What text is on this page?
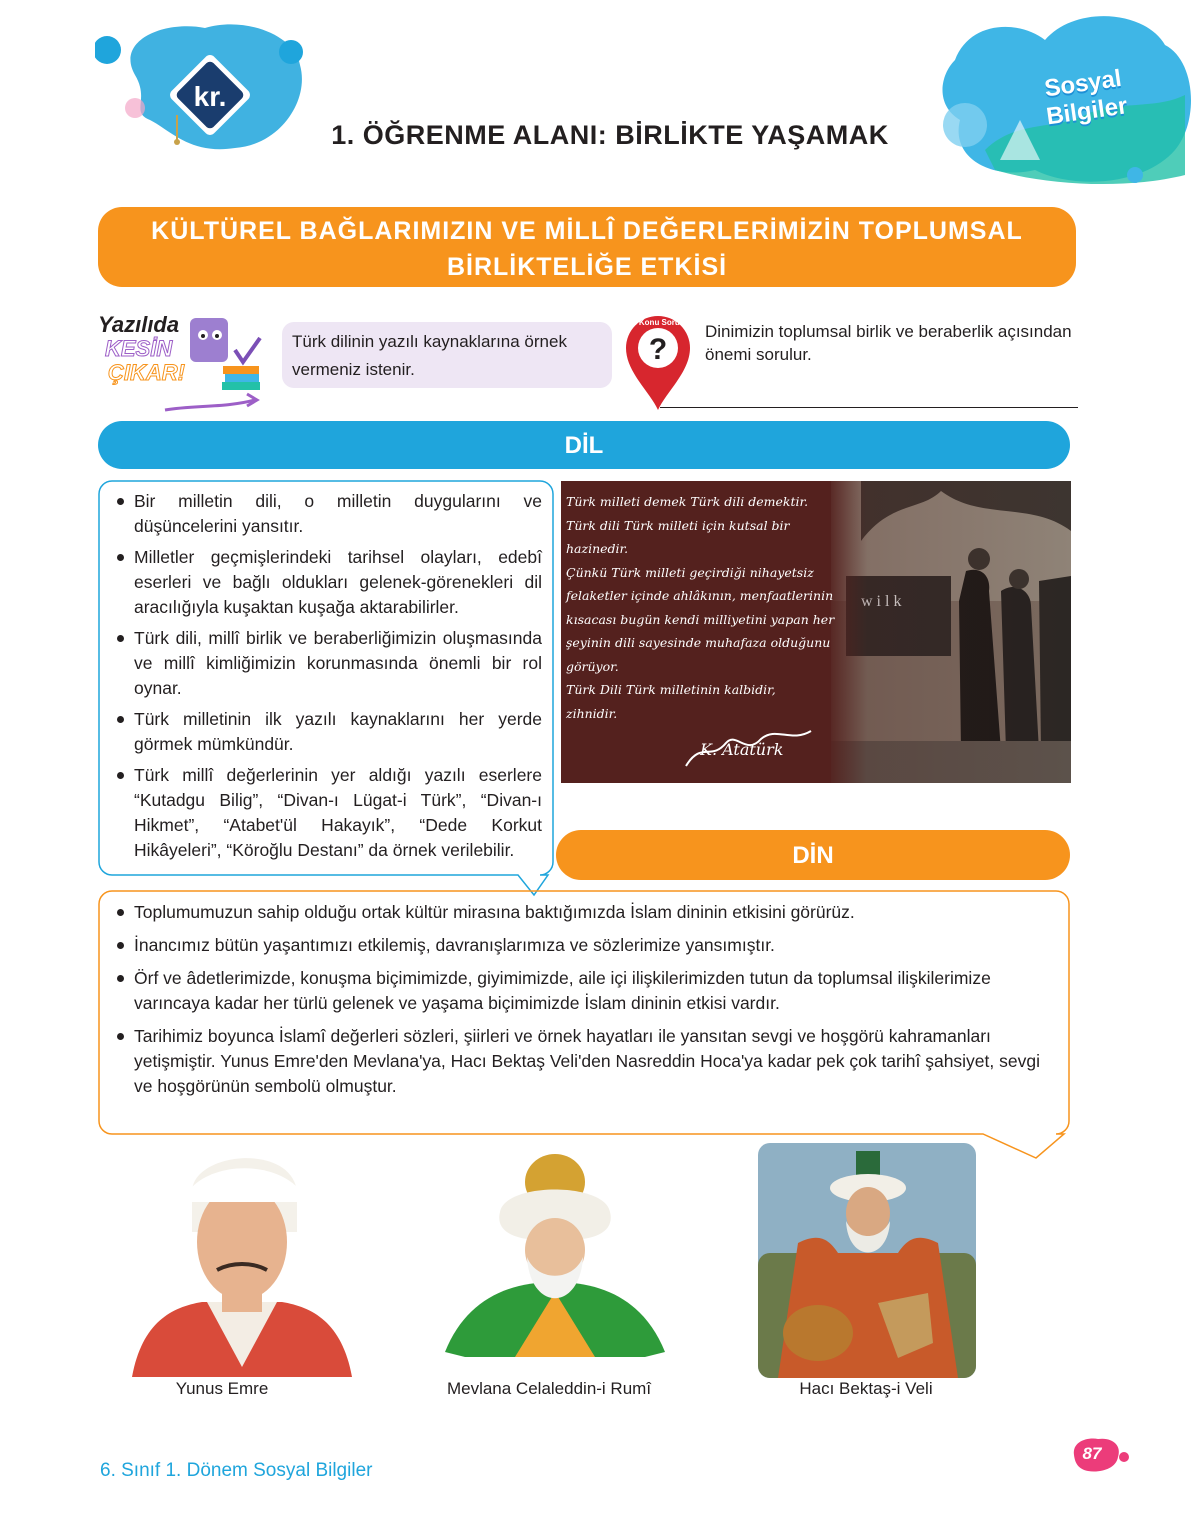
kr.
1. ÖĞRENME ALANI: BİRLİKTE YAŞAMAK
Sosyal
Bilgiler
KÜLTÜREL BAĞLARIMIZIN VE MİLLÎ DEĞERLERİMİZİN TOPLUMSAL
BİRLİKTELİĞE ETKİSİ
Yazılıda
KESİN
ÇIKAR!
Türk dilinin yazılı kaynaklarına örnek vermeniz istenir.
?
Bu Konu Sorulur Dinimizin toplumsal birlik ve beraberlik açısından önemi sorulur.
DİL
Bir milletin dili, o milletin duygularını ve düşüncelerini yansıtır.
Milletler geçmişlerindeki tarihsel olayları, edebî eserleri ve bağlı oldukları gelenek-görenekleri dil aracılığıyla kuşaktan kuşağa aktarabilirler.
Türk dili, millî birlik ve beraberliğimizin oluşmasında ve millî kimliğimizin korunmasında önemli bir rol oynar.
Türk milletinin ilk yazılı kaynaklarını her yerde görmek mümkündür.
Türk millî değerlerinin yer aldığı yazılı eserlere “Kutadgu Bilig”, “Divan-ı Lügat-i Türk”, “Divan-ı Hikmet”, “Atabet'ül Hakayık”, “Dede Korkut Hikâyeleri”, “Köroğlu Destanı” da örnek verilebilir.
Türk milleti demek Türk dili demektir.
Türk dili Türk milleti için kutsal bir
hazinedir.
Çünkü Türk milleti geçirdiği nihayetsiz
felaketler içinde ahlâkının, menfaatlerinin
kısacası bugün kendi milliyetini yapan her
şeyinin dili sayesinde muhafaza olduğunu
görüyor.
Türk Dili Türk milletinin kalbidir,
zihnidir.
K. Atatürk
DİN
Toplumumuzun sahip olduğu ortak kültür mirasına baktığımızda İslam dininin etkisini görürüz.
İnancımız bütün yaşantımızı etkilemiş, davranışlarımıza ve sözlerimize yansımıştır.
Örf ve âdetlerimizde, konuşma biçimimizde, giyimimizde, aile içi ilişkilerimizden tutun da toplumsal ilişkilerimize varıncaya kadar her türlü gelenek ve yaşama biçimimizde İslam dininin etkisi vardır.
Tarihimiz boyunca İslamî değerleri sözleri, şiirleri ve örnek hayatları ile yansıtan sevgi ve hoşgörü kahramanları yetişmiştir. Yunus Emre'den Mevlana'ya, Hacı Bektaş Veli'den Nasreddin Hoca'ya kadar pek çok tarihî şahsiyet, sevgi ve hoşgörünün sembolü olmuştur.
Yunus Emre	Mevlana Celaleddin-i Rumî	Hacı Bektaş-i Veli
6. Sınıf 1. Dönem Sosyal Bilgiler
87
